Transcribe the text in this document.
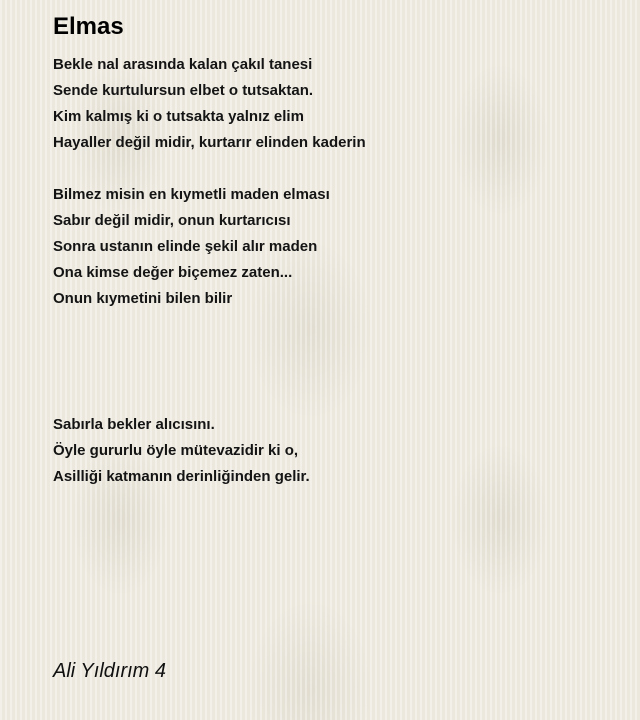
Elmas
Bekle nal arasında kalan çakıl tanesi
Sende kurtulursun elbet o tutsaktan.
Kim kalmış ki o tutsakta yalnız elim
Hayaller değil midir, kurtarır elinden kaderin
Bilmez misin en kıymetli maden elması
Sabır değil midir, onun kurtarıcısı
Sonra ustanın elinde şekil alır maden
Ona kimse değer biçemez zaten...
Onun kıymetini bilen bilir
Sabırla bekler alıcısını.
Öyle gururlu öyle mütevazidir ki o,
Asilliği katmanın derinliğinden gelir.

Ali Yıldırım 4
